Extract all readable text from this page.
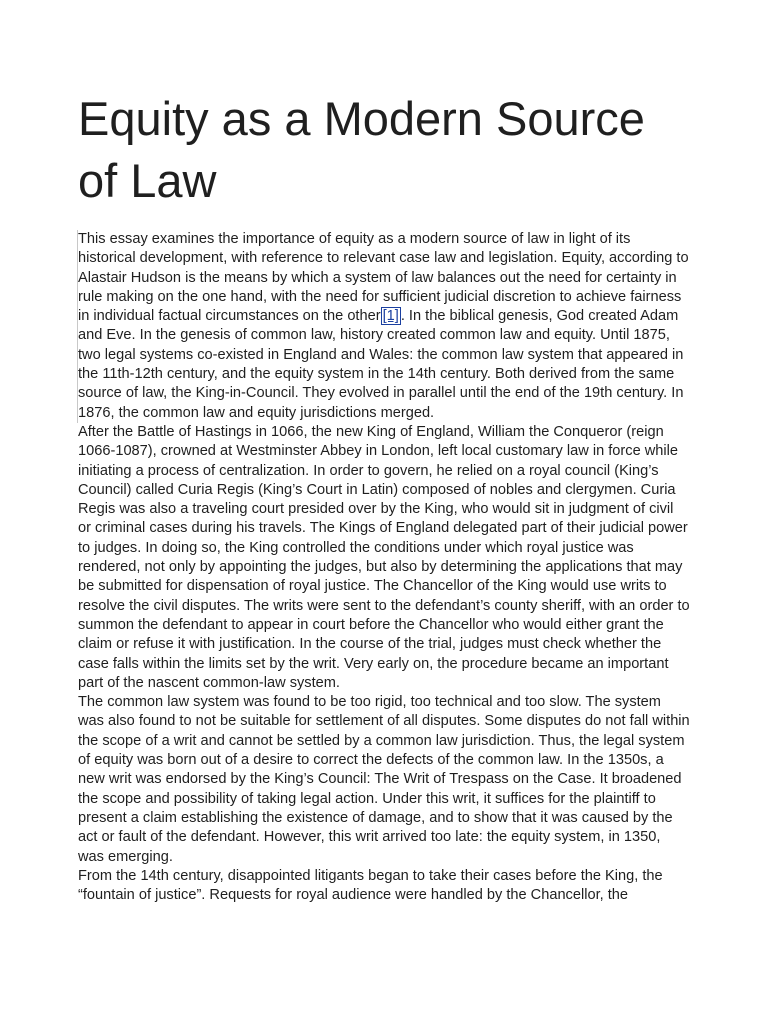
Equity as a Modern Source of Law

This essay examines the importance of equity as a modern source of law in light of its historical development, with reference to relevant case law and legislation. Equity, according to Alastair Hudson is the means by which a system of law balances out the need for certainty in rule making on the one hand, with the need for sufficient judicial discretion to achieve fairness in individual factual circumstances on the other [1] . In the biblical genesis, God created Adam and Eve. In the genesis of common law, history created common law and equity. Until 1875, two legal systems co-existed in England and Wales: the common law system that appeared in the 11th-12th century, and the equity system in the 14th century. Both derived from the same source of law, the King-in-Council. They evolved in parallel until the end of the 19th century. In 1876, the common law and equity jurisdictions merged.

After the Battle of Hastings in 1066, the new King of England, William the Conqueror (reign 1066-1087), crowned at Westminster Abbey in London, left local customary law in force while initiating a process of centralization. In order to govern, he relied on a royal council (King’s Council) called Curia Regis (King’s Court in Latin) composed of nobles and clergymen. Curia Regis was also a traveling court presided over by the King, who would sit in judgment of civil or criminal cases during his travels. The Kings of England delegated part of their judicial power to judges. In doing so, the King controlled the conditions under which royal justice was rendered, not only by appointing the judges, but also by determining the applications that may be submitted for dispensation of royal justice. The Chancellor of the King would use writs to resolve the civil disputes. The writs were sent to the defendant’s county sheriff, with an order to summon the defendant to appear in court before the Chancellor who would either grant the claim or refuse it with justification. In the course of the trial, judges must check whether the case falls within the limits set by the writ. Very early on, the procedure became an important part of the nascent common-law system.

The common law system was found to be too rigid, too technical and too slow. The system was also found to not be suitable for settlement of all disputes. Some disputes do not fall within the scope of a writ and cannot be settled by a common law jurisdiction. Thus, the legal system of equity was born out of a desire to correct the defects of the common law. In the 1350s, a new writ was endorsed by the King’s Council: The Writ of Trespass on the Case. It broadened the scope and possibility of taking legal action. Under this writ, it suffices for the plaintiff to present a claim establishing the existence of damage, and to show that it was caused by the act or fault of the defendant. However, this writ arrived too late: the equity system, in 1350, was emerging.

From the 14th century, disappointed litigants began to take their cases before the King, the “fountain of justice”. Requests for royal audience were handled by the Chancellor, the
